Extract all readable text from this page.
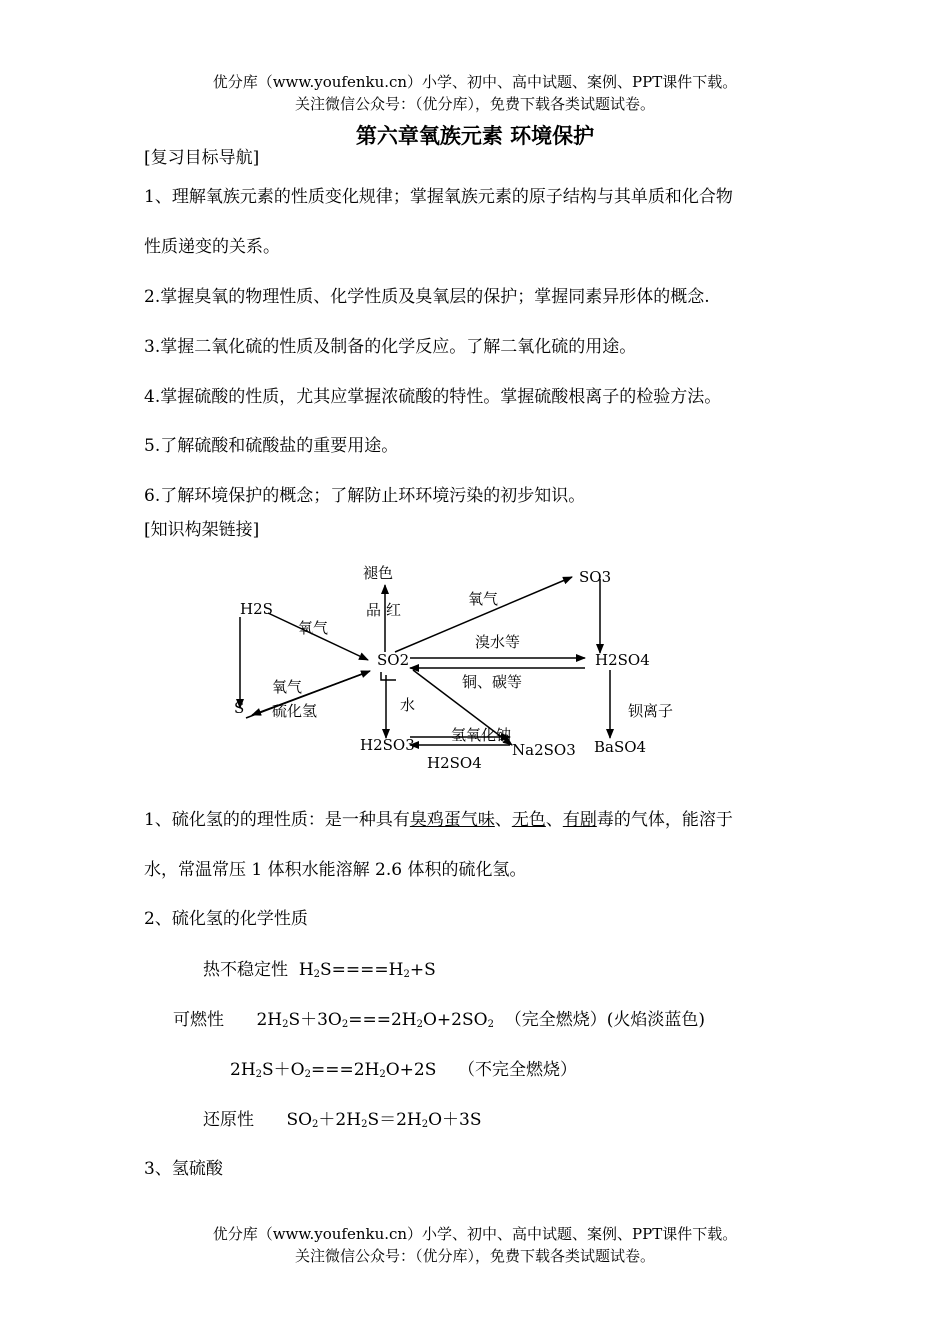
优分库（www.youfenku.cn）小学、初中、高中试题、案例、PPT课件下载。
关注微信公众号：（优分库），免费下载各类试题试卷。
第六章氧族元素 环境保护
[复习目标导航]
1、理解氧族元素的性质变化规律；掌握氧族元素的原子结构与其单质和化合物
性质递变的关系。
2.掌握臭氧的物理性质、化学性质及臭氧层的保护；掌握同素异形体的概念.
3.掌握二氧化硫的性质及制备的化学反应。了解二氧化硫的用途。
4.掌握硫酸的性质，尤其应掌握浓硫酸的特性。掌握硫酸根离子的检验方法。
5.了解硫酸和硫酸盐的重要用途。
6.了解环境保护的概念；了解防止环环境污染的初步知识。
[知识构架链接]
褪色
品 红
氧气
氧气
氧气
硫化氢
溴水等
铜、碳等
水
氢氧化钠
钡离子
SO3
H2S
SO2	H2SO4
S
H2SO3	Na2SO3 BaSO4
H2SO4
1、硫化氢的的理性质：是一种具有臭鸡蛋气味、无色、有剧毒的气体，能溶于
水，常温常压 1 体积水能溶解 2.6 体积的硫化氢。
2、硫化氢的化学性质
热不稳定性 $H_2S====H_2+S$
可燃性 $2H_2S+3O_2===2H_2O+2SO_2$ （完全燃烧）(火焰淡蓝色)
$2H_2S+O_2===2H_2O+2S$ （不完全燃烧）
还原性 $SO_2+2H_2S=2H_2O+3S$
3、氢硫酸
优分库（www.youfenku.cn）小学、初中、高中试题、案例、PPT课件下载。
关注微信公众号：（优分库），免费下载各类试题试卷。
